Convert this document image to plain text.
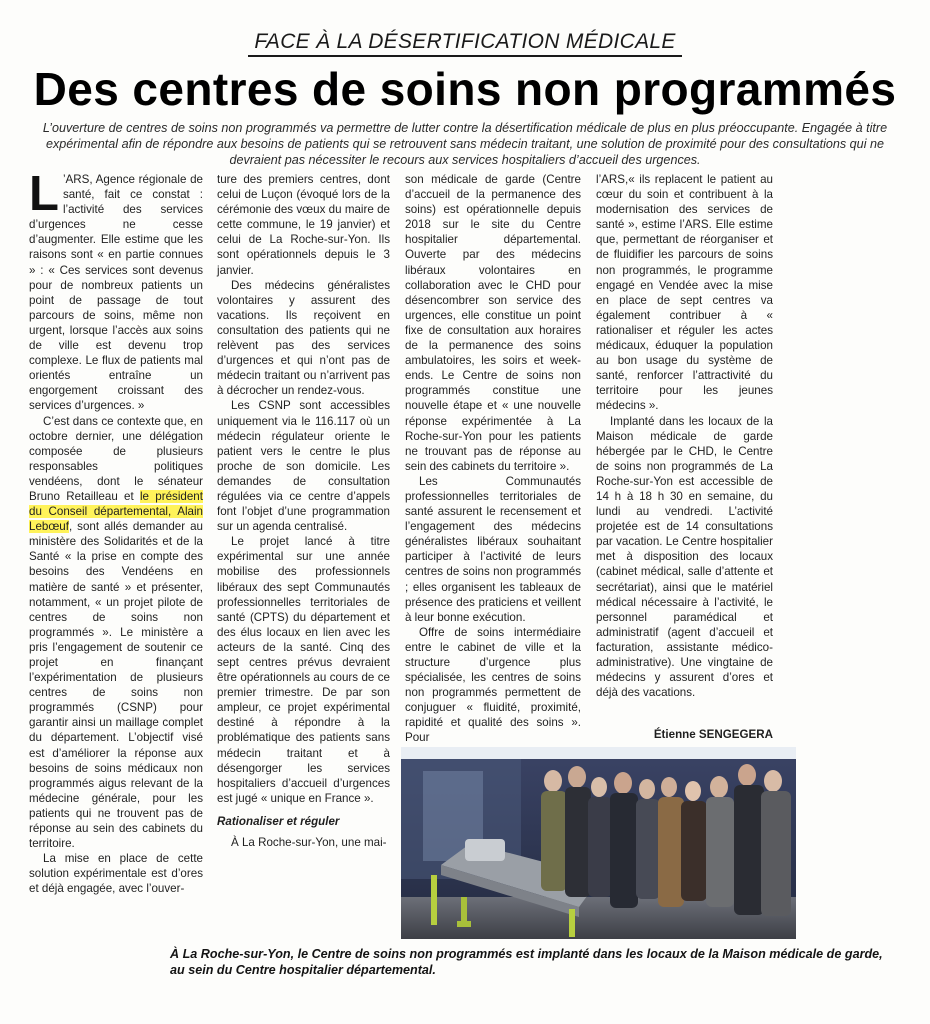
FACE À LA DÉSERTIFICATION MÉDICALE
Des centres de soins non programmés
L’ouverture de centres de soins non programmés va permettre de lutter contre la désertification médicale de plus en plus préoccupante. Engagée à titre expérimental afin de répondre aux besoins de patients qui se retrouvent sans médecin traitant, une solution de proximité pour des consultations qui ne devraient pas nécessiter le recours aux services hospitaliers d’accueil des urgences.

L ’ARS, Agence régionale de santé, fait ce constat : l’activité des services d’urgences ne cesse d’augmenter. Elle estime que les raisons sont « en partie connues » : « Ces services sont devenus pour de nombreux patients un point de passage de tout parcours de soins, même non urgent, lorsque l’accès aux soins de ville est devenu trop complexe. Le flux de patients mal orientés entraîne un engorgement croissant des services d’urgences. »

C’est dans ce contexte que, en octobre dernier, une délégation composée de plusieurs responsables politiques vendéens, dont le sénateur Bruno Retailleau et le président du Conseil départemental, Alain Lebœuf, sont allés demander au ministère des Solidarités et de la Santé « la prise en compte des besoins des Vendéens en matière de santé » et présenter, notamment, « un projet pilote de centres de soins non programmés ». Le ministère a pris l’engagement de soutenir ce projet en finançant l’expérimentation de plusieurs centres de soins non programmés (CSNP) pour garantir ainsi un maillage complet du département. L’objectif visé est d’améliorer la réponse aux besoins de soins médicaux non programmés aigus relevant de la médecine générale, pour les patients qui ne trouvent pas de réponse au sein des cabinets du territoire.

La mise en place de cette solution expérimentale est d’ores et déjà engagée, avec l’ouver-

ture des premiers centres, dont celui de Luçon (évoqué lors de la cérémonie des vœux du maire de cette commune, le 19 janvier) et celui de La Roche-sur-Yon. Ils sont opérationnels depuis le 3 janvier.

Des médecins généralistes volontaires y assurent des vacations. Ils reçoivent en consultation des patients qui ne relèvent pas des services d’urgences et qui n’ont pas de médecin traitant ou n’arrivent pas à décrocher un rendez-vous.

Les CSNP sont accessibles uniquement via le 116.117 où un médecin régulateur oriente le patient vers le centre le plus proche de son domicile. Les demandes de consultation régulées via ce centre d’appels font l’objet d’une programmation sur un agenda centralisé.

Le projet lancé à titre expérimental sur une année mobilise des professionnels libéraux des sept Communautés professionnelles territoriales de santé (CPTS) du département et des élus locaux en lien avec les acteurs de la santé. Cinq des sept centres prévus devraient être opérationnels au cours de ce premier trimestre. De par son ampleur, ce projet expérimental destiné à répondre à la problématique des patients sans médecin traitant et à désengorger les services hospitaliers d’accueil d’urgences est jugé « unique en France ».

Rationaliser et réguler

À La Roche-sur-Yon, une mai-

son médicale de garde (Centre d’accueil de la permanence des soins) est opérationnelle depuis 2018 sur le site du Centre hospitalier départemental. Ouverte par des médecins libéraux volontaires en collaboration avec le CHD pour désencombrer son service des urgences, elle constitue un point fixe de consultation aux horaires de la permanence des soins ambulatoires, les soirs et week-ends. Le Centre de soins non programmés constitue une nouvelle étape et « une nouvelle réponse expérimentée à La Roche-sur-Yon pour les patients ne trouvant pas de réponse au sein des cabinets du territoire ».

Les Communautés professionnelles territoriales de santé assurent le recensement et l’engagement des médecins généralistes libéraux souhaitant participer à l’activité de leurs centres de soins non programmés ; elles organisent les tableaux de présence des praticiens et veillent à leur bonne exécution.

Offre de soins intermédiaire entre le cabinet de ville et la structure d’urgence plus spécialisée, les centres de soins non programmés permettent de conjuguer « fluidité, proximité, rapidité et qualité des soins ». Pour

l’ARS,« ils replacent le patient au cœur du soin et contribuent à la modernisation des services de santé », estime l’ARS. Elle estime que, permettant de réorganiser et de fluidifier les parcours de soins non programmés, le programme engagé en Vendée avec la mise en place de sept centres va également contribuer à « rationaliser et réguler les actes médicaux, éduquer la population au bon usage du système de santé, renforcer l’attractivité du territoire pour les jeunes médecins ».

Implanté dans les locaux de la Maison médicale de garde hébergée par le CHD, le Centre de soins non programmés de La Roche-sur-Yon est accessible de 14 h à 18 h 30 en semaine, du lundi au vendredi. L’activité projetée est de 14 consultations par vacation. Le Centre hospitalier met à disposition des locaux (cabinet médical, salle d’attente et secrétariat), ainsi que le matériel médical nécessaire à l’activité, le personnel paramédical et administratif (agent d’accueil et facturation, assistante médico-administrative). Une vingtaine de médecins y assurent d’ores et déjà des vacations.

Étienne SENGEGERA
À La Roche-sur-Yon, le Centre de soins non programmés est implanté dans les locaux de la Maison médicale de garde, au sein du Centre hospitalier départemental.
